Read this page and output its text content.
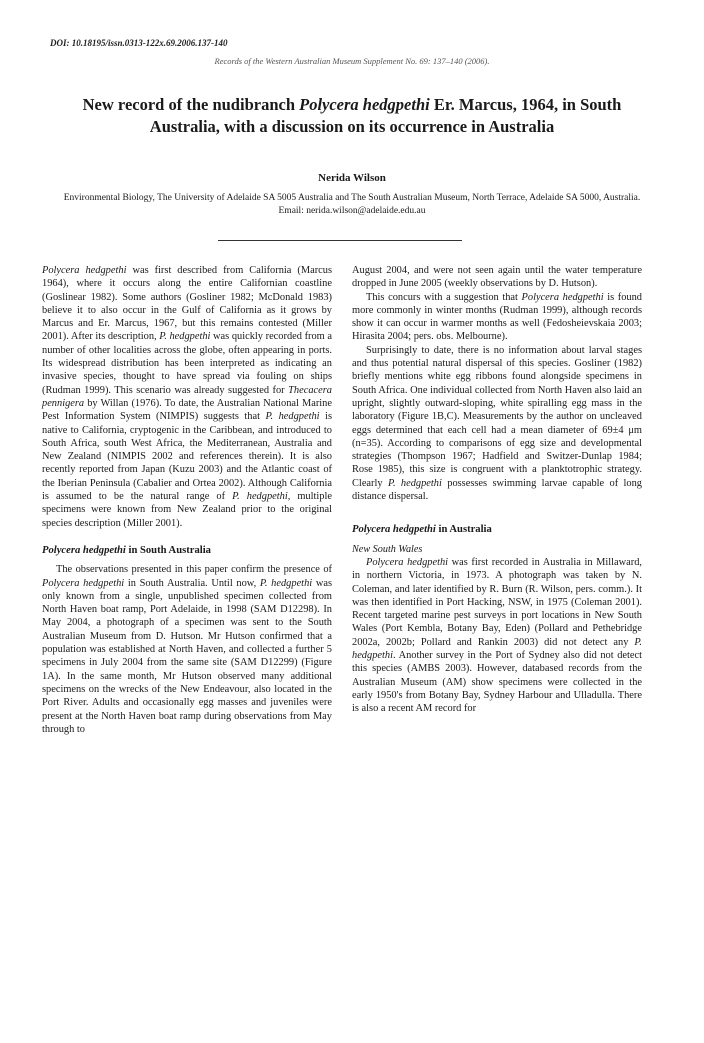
DOI: 10.18195/issn.0313-122x.69.2006.137-140
Records of the Western Australian Museum Supplement No. 69: 137–140 (2006).
New record of the nudibranch Polycera hedgpethi Er. Marcus, 1964, in South Australia, with a discussion on its occurrence in Australia
Nerida Wilson
Environmental Biology, The University of Adelaide SA 5005 Australia and The South Australian Museum, North Terrace, Adelaide SA 5000, Australia. Email: nerida.wilson@adelaide.edu.au

Polycera hedgpethi was first described from California (Marcus 1964), where it occurs along the entire Californian coastline (Goslinear 1982). Some authors (Gosliner 1982; McDonald 1983) believe it to also occur in the Gulf of California as it grows by Marcus and Er. Marcus, 1967, but this remains contested (Miller 2001). After its description, P. hedgpethi was quickly recorded from a number of other localities across the globe, often appearing in ports. Its widespread distribution has been interpreted as indicating an invasive species, thought to have spread via fouling on ships (Rudman 1999). This scenario was already suggested for Thecacera pennigera by Willan (1976). To date, the Australian National Marine Pest Information System (NIMPIS) suggests that P. hedgpethi is native to California, cryptogenic in the Caribbean, and introduced to South Africa, south West Africa, the Mediterranean, Australia and New Zealand (NIMPIS 2002 and references therein). It is also recently reported from Japan (Kuzu 2003) and the Atlantic coast of the Iberian Peninsula (Cabalier and Ortea 2002). Although California is assumed to be the natural range of P. hedgpethi, multiple specimens were known from New Zealand prior to the original species description (Miller 2001).

Polycera hedgpethi in South Australia

The observations presented in this paper confirm the presence of Polycera hedgpethi in South Australia. Until now, P. hedgpethi was only known from a single, unpublished specimen collected from North Haven boat ramp, Port Adelaide, in 1998 (SAM D12298). In May 2004, a photograph of a specimen was sent to the South Australian Museum from D. Hutson. Mr Hutson confirmed that a population was established at North Haven, and collected a further 5 specimens in July 2004 from the same site (SAM D12299) (Figure 1A). In the same month, Mr Hutson observed many additional specimens on the wrecks of the New Endeavour, also located in the Port River. Adults and occasionally egg masses and juveniles were present at the North Haven boat ramp during observations from May through to

August 2004, and were not seen again until the water temperature dropped in June 2005 (weekly observations by D. Hutson).

This concurs with a suggestion that Polycera hedgpethi is found more commonly in winter months (Rudman 1999), although records show it can occur in warmer months as well (Fedosheievskaia 2003; Hirasita 2004; pers. obs. Melbourne).

Surprisingly to date, there is no information about larval stages and thus potential natural dispersal of this species. Gosliner (1982) briefly mentions white egg ribbons found alongside specimens in South Africa. One individual collected from North Haven also laid an upright, slightly outward-sloping, white spiralling egg mass in the laboratory (Figure 1B,C). Measurements by the author on uncleaved eggs determined that each cell had a mean diameter of 69±4 μm (n=35). According to comparisons of egg size and developmental strategies (Thompson 1967; Hadfield and Switzer-Dunlap 1984; Rose 1985), this size is congruent with a planktotrophic strategy. Clearly P. hedgpethi possesses swimming larvae capable of long distance dispersal.

Polycera hedgpethi in Australia
New South Wales

Polycera hedgpethi was first recorded in Australia in Millaward, in northern Victoria, in 1973. A photograph was taken by N. Coleman, and later identified by R. Burn (R. Wilson, pers. comm.). It was then identified in Port Hacking, NSW, in 1975 (Coleman 2001). Recent targeted marine pest surveys in port locations in New South Wales (Port Kembla, Botany Bay, Eden) (Pollard and Pethebridge 2002a, 2002b; Pollard and Rankin 2003) did not detect any P. hedgpethi. Another survey in the Port of Sydney also did not detect this species (AMBS 2003). However, databased records from the Australian Museum (AM) show specimens were collected in the early 1950's from Botany Bay, Sydney Harbour and Ulladulla. There is also a recent AM record for
